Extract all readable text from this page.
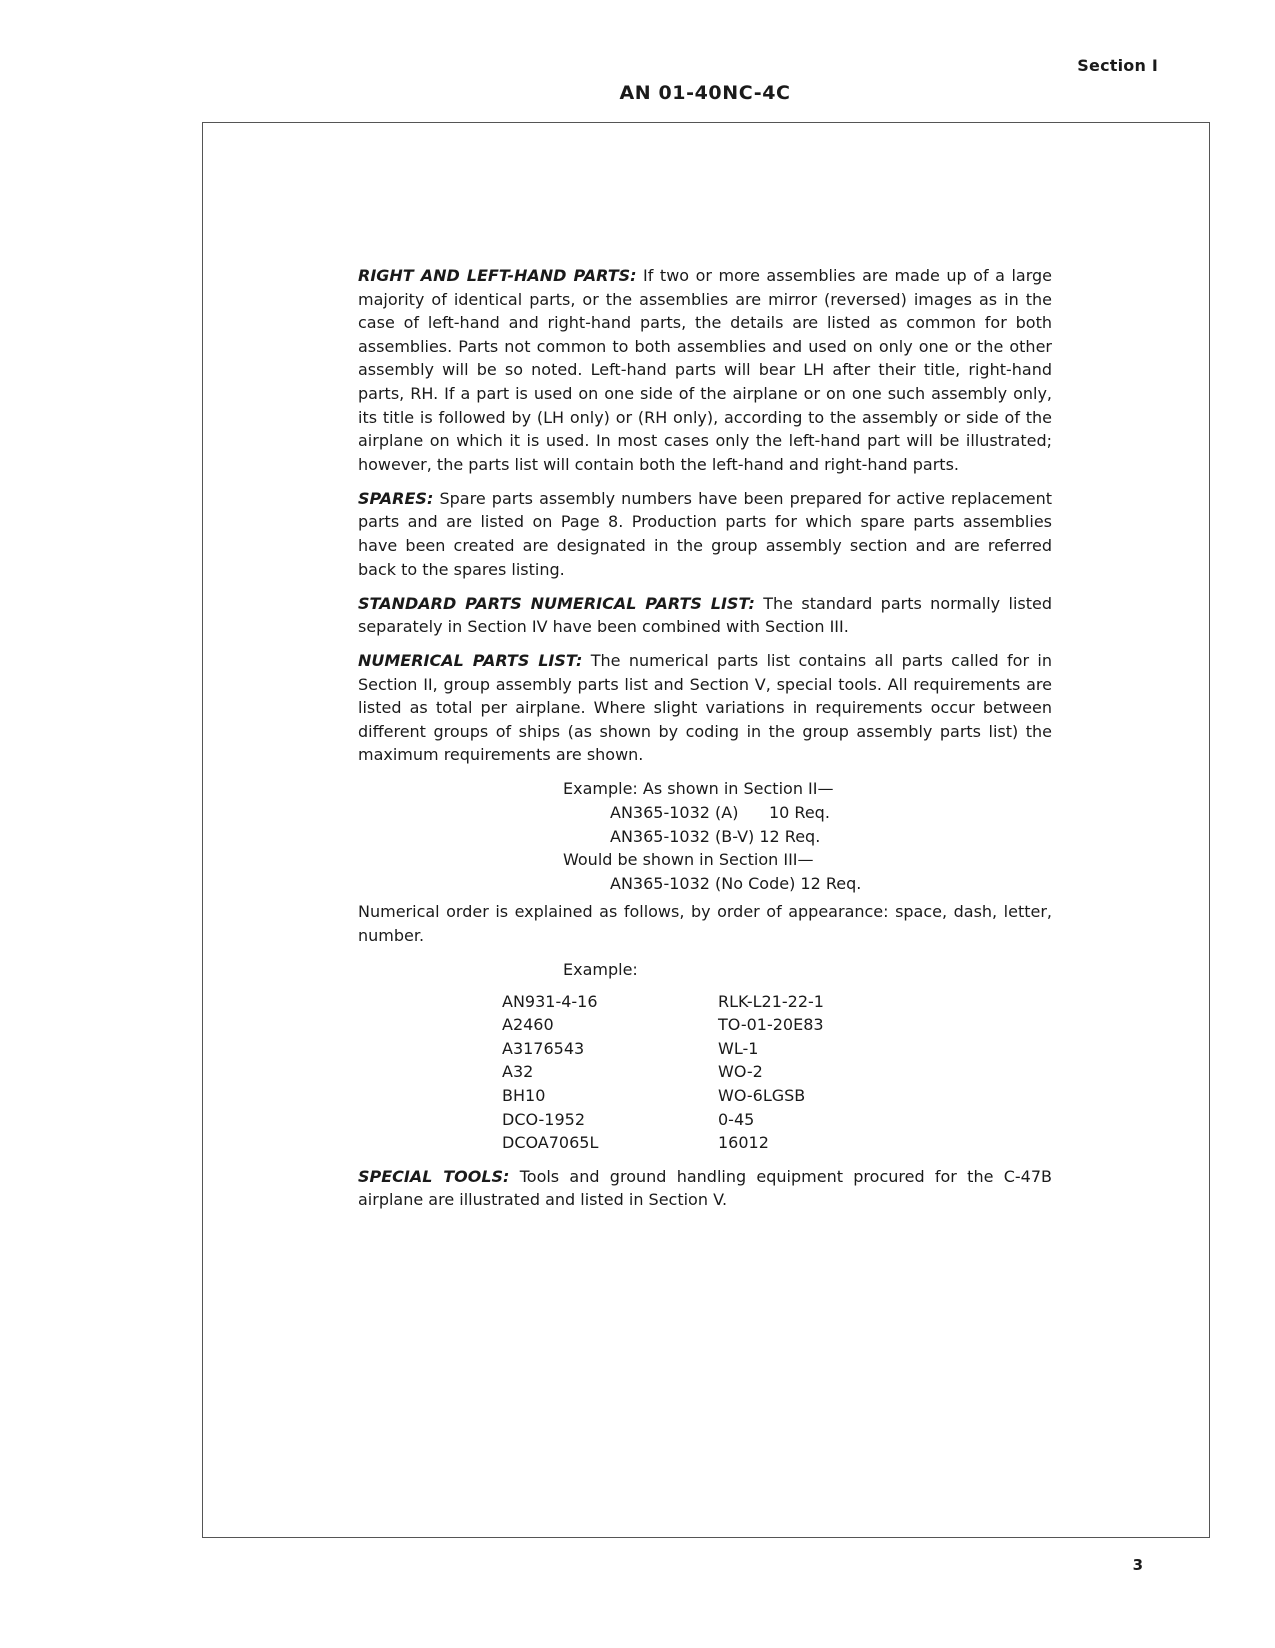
Section I
AN 01-40NC-4C

RIGHT AND LEFT-HAND PARTS: If two or more assemblies are made up of a large majority of identical parts, or the assemblies are mirror (reversed) images as in the case of left-hand and right-hand parts, the details are listed as common for both assemblies. Parts not common to both assemblies and used on only one or the other assembly will be so noted. Left-hand parts will bear LH after their title, right-hand parts, RH. If a part is used on one side of the airplane or on one such assembly only, its title is followed by (LH only) or (RH only), according to the assembly or side of the airplane on which it is used. In most cases only the left-hand part will be illustrated; however, the parts list will contain both the left-hand and right-hand parts.

SPARES: Spare parts assembly numbers have been prepared for active replacement parts and are listed on Page 8. Production parts for which spare parts assemblies have been created are designated in the group assembly section and are referred back to the spares listing.

STANDARD PARTS NUMERICAL PARTS LIST: The standard parts normally listed separately in Section IV have been combined with Section III.

NUMERICAL PARTS LIST: The numerical parts list contains all parts called for in Section II, group assembly parts list and Section V, special tools. All requirements are listed as total per airplane. Where slight variations in requirements occur between different groups of ships (as shown by coding in the group assembly parts list) the maximum requirements are shown.

Example: As shown in Section II—
AN365-1032 (A)      10 Req.
AN365-1032 (B-V) 12 Req.
Would be shown in Section III—
AN365-1032 (No Code) 12 Req.

Numerical order is explained as follows, by order of appearance: space, dash, letter, number.

Example:
AN931-4-16
A2460
A3176543
A32
BH10
DCO-1952
DCOA7065L
RLK-L21-22-1
TO-01-20E83
WL-1
WO-2
WO-6LGSB
0-45
16012

SPECIAL TOOLS: Tools and ground handling equipment procured for the C-47B airplane are illustrated and listed in Section V.

3
